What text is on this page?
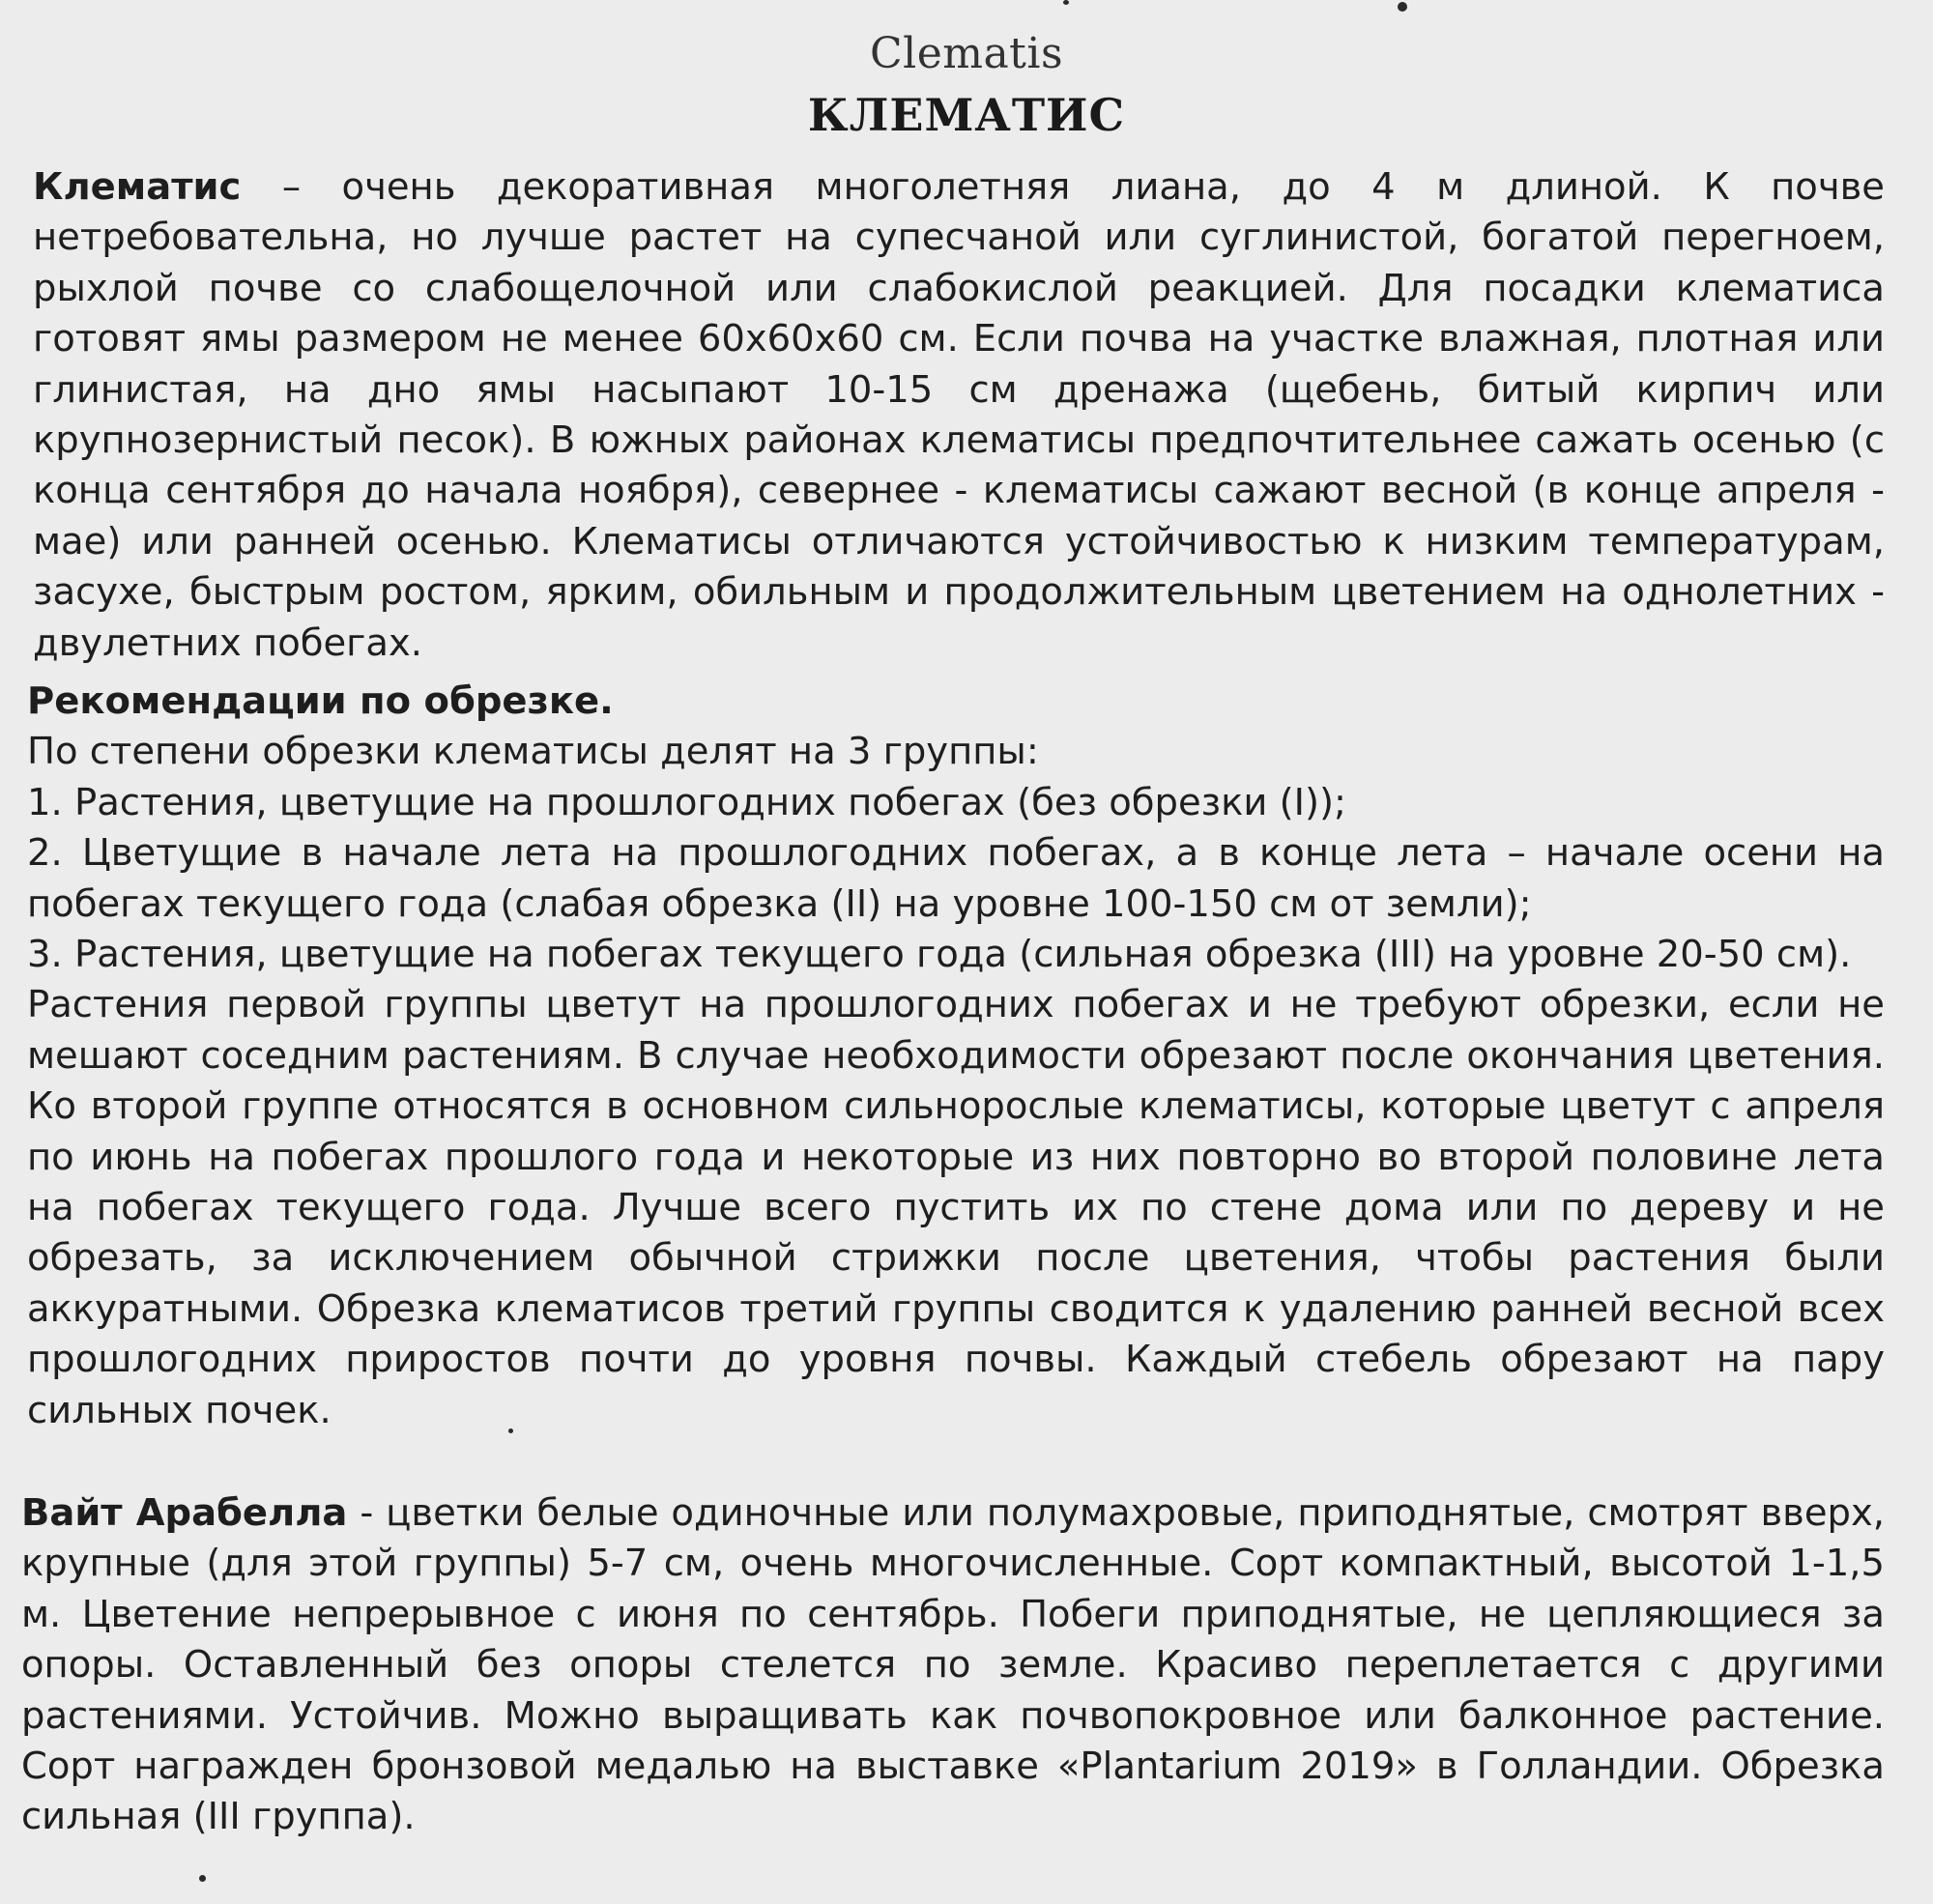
Clematis
КЛЕМАТИС

Клематис – очень декоративная многолетняя лиана, до 4 м длиной. К почве нетребовательна, но лучше растет на супесчаной или суглинистой, богатой перегноем, рыхлой почве со слабощелочной или слабокислой реакцией. Для посадки клематиса готовят ямы размером не менее 60х60х60 см. Если почва на участке влажная, плотная или глинистая, на дно ямы насыпают 10-15 см дренажа (щебень, битый кирпич или крупнозернистый песок). В южных районах клематисы предпочтительнее сажать осенью (с конца сентября до начала ноября), севернее - клематисы сажают весной (в конце апреля - мае) или ранней осенью. Клематисы отличаются устойчивостью к низким температурам, засухе, быстрым ростом, ярким, обильным и продолжительным цветением на однолетних - двулетних побегах.

Рекомендации по обрезке.

По степени обрезки клематисы делят на 3 группы:

1. Растения, цветущие на прошлогодних побегах (без обрезки (I));

2. Цветущие в начале лета на прошлогодних побегах, а в конце лета – начале осени на побегах текущего года (слабая обрезка (II) на уровне 100-150 см от земли);

3. Растения, цветущие на побегах текущего года (сильная обрезка (III) на уровне 20-50 см).

Растения первой группы цветут на прошлогодних побегах и не требуют обрезки, если не мешают соседним растениям. В случае необходимости обрезают после окончания цветения. Ко второй группе относятся в основном сильнорослые клематисы, которые цветут с апреля по июнь на побегах прошлого года и некоторые из них повторно во второй половине лета на побегах текущего года. Лучше всего пустить их по стене дома или по дереву и не обрезать, за исключением обычной стрижки после цветения, чтобы растения были аккуратными. Обрезка клематисов третий группы сводится к удалению ранней весной всех прошлогодних приростов почти до уровня почвы. Каждый стебель обрезают на пару сильных почек.

Вайт Арабелла - цветки белые одиночные или полумахровые, приподнятые, смотрят вверх, крупные (для этой группы) 5-7 см, очень многочисленные. Сорт компактный, высотой 1-1,5 м. Цветение непрерывное с июня по сентябрь. Побеги приподнятые, не цепляющиеся за опоры. Оставленный без опоры стелется по земле. Красиво переплетается с другими растениями. Устойчив. Можно выращивать как почвопокровное или балконное растение. Сорт награжден бронзовой медалью на выставке «Plantarium 2019» в Голландии. Обрезка сильная (III группа).
